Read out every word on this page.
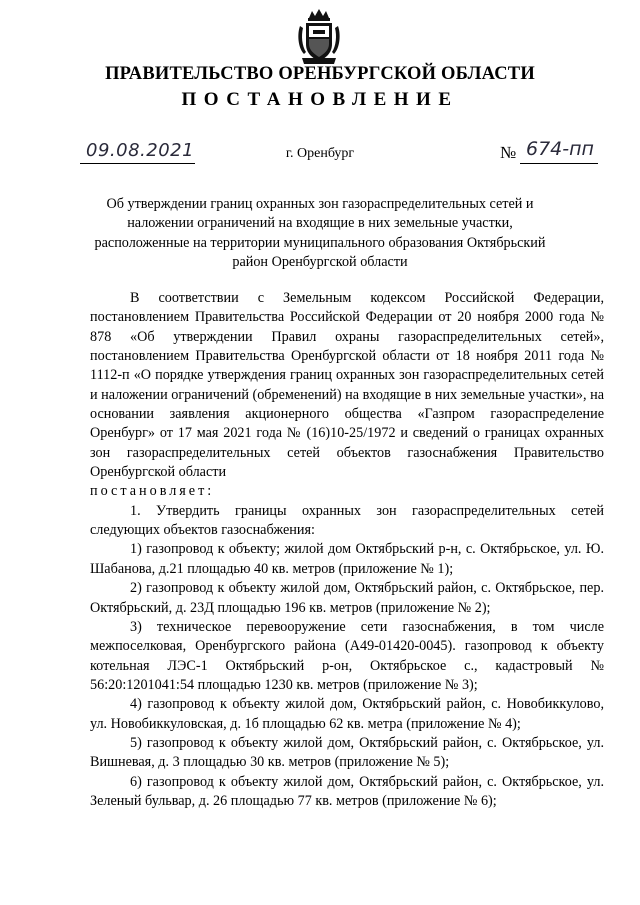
ПРАВИТЕЛЬСТВО ОРЕНБУРГСКОЙ ОБЛАСТИ
ПОСТАНОВЛЕНИЕ
09.08.2021	г. Оренбург	№ 674-пп
Об утверждении границ охранных зон газораспределительных сетей и наложении ограничений на входящие в них земельные участки, расположенные на территории муниципального образования Октябрьский район Оренбургской области

В соответствии с Земельным кодексом Российской Федерации, постановлением Правительства Российской Федерации от 20 ноября 2000 года № 878 «Об утверждении Правил охраны газораспределительных сетей», постановлением Правительства Оренбургской области от 18 ноября 2011 года № 1112-п «О порядке утверждения границ охранных зон газораспределительных сетей и наложении ограничений (обременений) на входящие в них земельные участки», на основании заявления акционерного общества «Газпром газораспределение Оренбург» от 17 мая 2021 года № (16)10-25/1972 и сведений о границах охранных зон газораспределительных сетей объектов газоснабжения Правительство Оренбургской области

постановляет:

1. Утвердить границы охранных зон газораспределительных сетей следующих объектов газоснабжения:

1) газопровод к объекту; жилой дом Октябрьский р-н, с. Октябрьское, ул. Ю. Шабанова, д.21 площадью 40 кв. метров (приложение № 1);

2) газопровод к объекту жилой дом, Октябрьский район, с. Октябрьское, пер. Октябрьский, д. 23Д площадью 196 кв. метров (приложение № 2);

3) техническое перевооружение сети газоснабжения, в том числе межпоселковая, Оренбургского района (А49-01420-0045). газопровод к объекту котельная ЛЭС-1 Октябрьский р-он, Октябрьское с., кадастровый № 56:20:1201041:54 площадью 1230 кв. метров (приложение № 3);

4) газопровод к объекту жилой дом, Октябрьский район, с. Новобиккулово, ул. Новобиккуловская, д. 1б площадью 62 кв. метра (приложение № 4);

5) газопровод к объекту жилой дом, Октябрьский район, с. Октябрьское, ул. Вишневая, д. 3 площадью 30 кв. метров (приложение № 5);

6) газопровод к объекту жилой дом, Октябрьский район, с. Октябрьское, ул. Зеленый бульвар, д. 26 площадью 77 кв. метров (приложение № 6);
